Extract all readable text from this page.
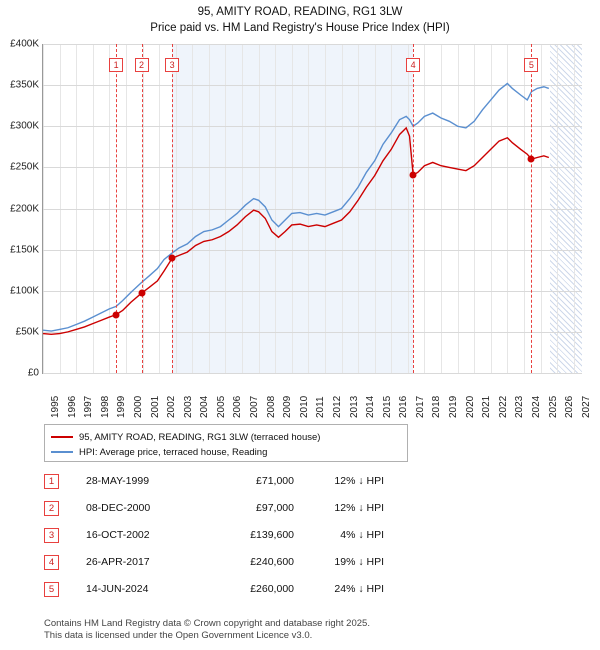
95, AMITY ROAD, READING, RG1 3LW
Price paid vs. HM Land Registry's House Price Index (HPI)
£0
£50K
£100K
£150K
£200K
£250K
£300K
£350K
£400K
1	2	3	4	5
1995 1996 1997 1998 1999 2000 2001 2002 2003 2004 2005 2006 2007 2008 2009 2010 2011 2012 2013 2014 2015 2016 2017 2018 2019 2020 2021 2022 2023 2024 2025 2026 2027
95, AMITY ROAD, READING, RG1 3LW (terraced house)
HPI: Average price, terraced house, Reading
1	28-MAY-1999	£71,000	12% ↓ HPI
2	08-DEC-2000	£97,000	12% ↓ HPI
3	16-OCT-2002	£139,600	4% ↓ HPI
4	26-APR-2017	£240,600	19% ↓ HPI
5	14-JUN-2024	£260,000	24% ↓ HPI
Contains HM Land Registry data © Crown copyright and database right 2025.
This data is licensed under the Open Government Licence v3.0.
